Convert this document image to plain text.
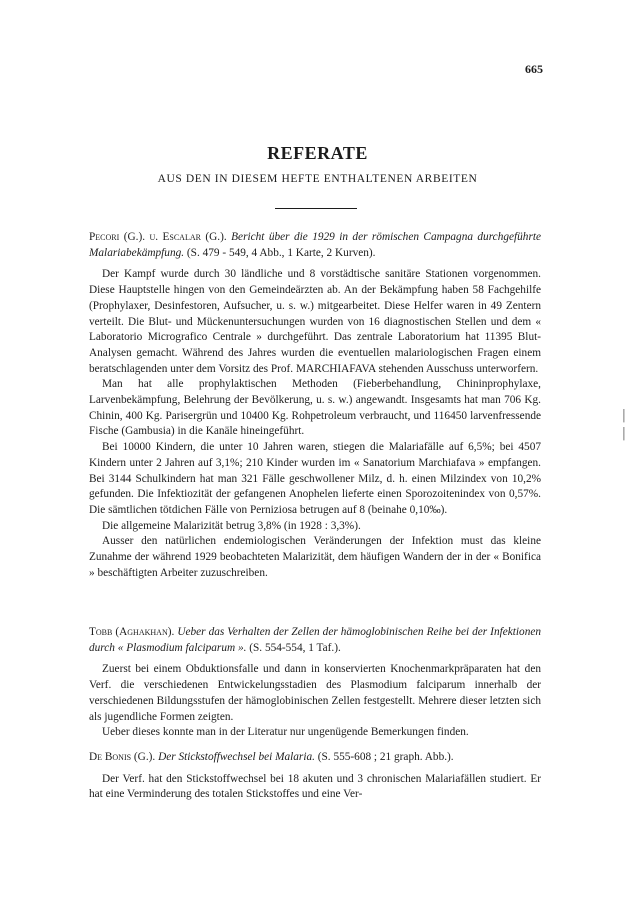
665
REFERATE
AUS DEN IN DIESEM HEFTE ENTHALTENEN ARBEITEN
Pecori (G.). u. Escalar (G.). Bericht über die 1929 in der römischen Campagna durchgeführte Malariabekämpfung. (S. 479 - 549, 4 Abb., 1 Karte, 2 Kurven).

Der Kampf wurde durch 30 ländliche und 8 vorstädtische sanitäre Stationen vorgenommen. Diese Hauptstelle hingen von den Gemeindeärzten ab. An der Bekämpfung haben 58 Fachgehilfe (Prophylaxer, Desinfestoren, Aufsucher, u. s. w.) mitgearbeitet. Diese Helfer waren in 49 Zentern verteilt. Die Blut- und Mückenuntersuchungen wurden von 16 diagnostischen Stellen und dem « Laboratorio Micrografico Centrale » durchgeführt. Das zentrale Laboratorium hat 11395 Blut-Analysen gemacht. Während des Jahres wurden die eventuellen malariologischen Fragen einem beratschlagenden unter dem Vorsitz des Prof. MARCHIAFAVA stehenden Ausschuss unterworfern.

Man hat alle prophylaktischen Methoden (Fieberbehandlung, Chininprophylaxe, Larvenbekämpfung, Belehrung der Bevölkerung, u. s. w.) angewandt. Insgesamts hat man 706 Kg. Chinin, 400 Kg. Parisergrün und 10400 Kg. Rohpetroleum verbraucht, und 116450 larvenfressende Fische (Gambusia) in die Kanäle hineingeführt.

Bei 10000 Kindern, die unter 10 Jahren waren, stiegen die Malariafälle auf 6,5%; bei 4507 Kindern unter 2 Jahren auf 3,1%; 210 Kinder wurden im « Sanatorium Marchiafava » empfangen. Bei 3144 Schulkindern hat man 321 Fälle geschwollener Milz, d. h. einen Milzindex von 10,2% gefunden. Die Infektiozität der gefangenen Anophelen lieferte einen Sporozoitenindex von 0,57%. Die sämtlichen tötdichen Fälle von Perniziosa betrugen auf 8 (beinahe 0,10‰).

Die allgemeine Malarizität betrug 3,8% (in 1928 : 3,3%).

Ausser den natürlichen endemiologischen Veränderungen der Infektion must das kleine Zunahme der während 1929 beobachteten Malarizität, dem häufigen Wandern der in der « Bonifica » beschäftigten Arbeiter zuzuschreiben.

Tobb (Aghakhan). Ueber das Verhalten der Zellen der hämoglobinischen Reihe bei der Infektionen durch « Plasmodium falciparum ». (S. 554-554, 1 Taf.).

Zuerst bei einem Obduktionsfalle und dann in konservierten Knochenmarkpräparaten hat den Verf. die verschiedenen Entwickelungsstadien des Plasmodium falciparum innerhalb der verschiedenen Bildungsstufen der hämoglobinischen Zellen festgestellt. Mehrere dieser letzten sich als jugendliche Formen zeigten.

Ueber dieses konnte man in der Literatur nur ungenügende Bemerkungen finden.

De Bonis (G.). Der Stickstoffwechsel bei Malaria. (S. 555-608 ; 21 graph. Abb.).

Der Verf. hat den Stickstoffwechsel bei 18 akuten und 3 chronischen Malariafällen studiert. Er hat eine Verminderung des totalen Stickstoffes und eine Ver-

│
│
